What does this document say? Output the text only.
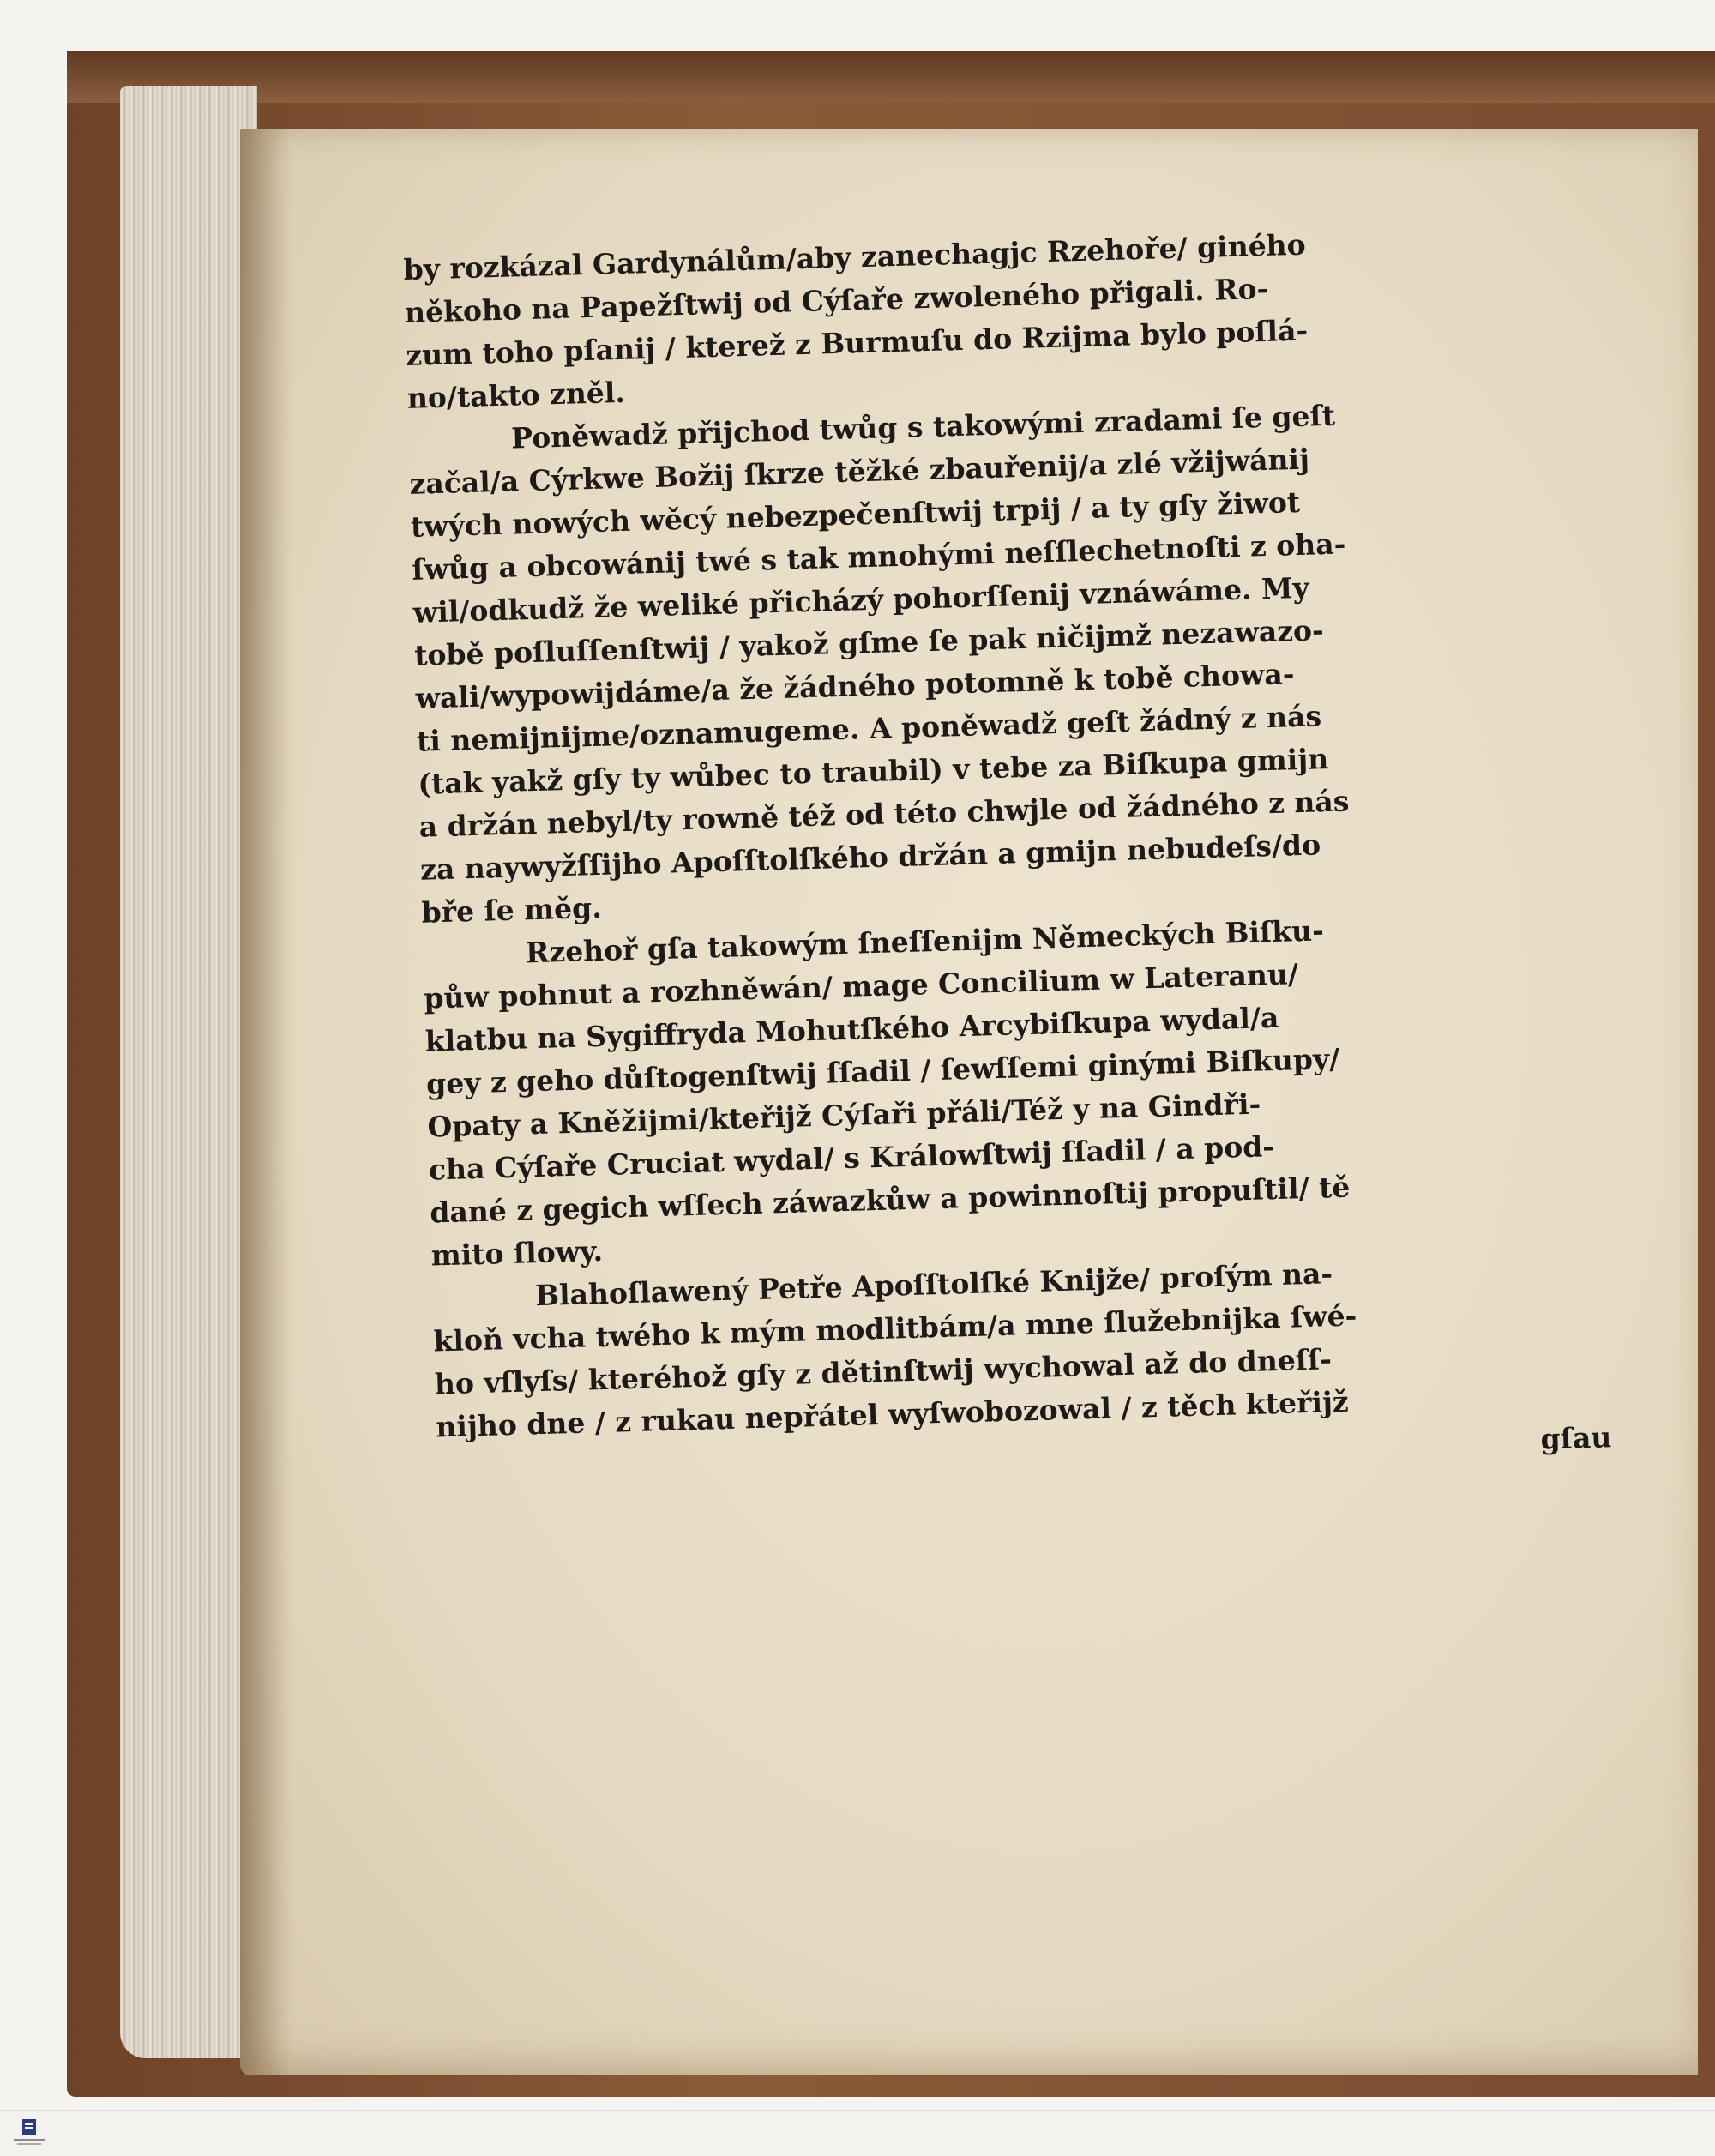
by rozkázal Gardynálům/aby zanechagjc Rzehoře/ giného
někoho na Papežſtwij od Cýſaře zwoleného přigali. Ro-
zum toho pſanij / kterež z Burmuſu do Rzijma bylo poſlá-
no/takto zněl.
Poněwadž přijchod twůg s takowými zradami ſe geſt
začal/a Cýrkwe Božij ſkrze těžké zbauřenij/a zlé vžijwánij
twých nowých wěcý nebezpečenſtwij trpij / a ty gſy žiwot
ſwůg a obcowánij twé s tak mnohými neſſlechetnoſti z oha-
wil/odkudž že weliké přicházý pohorſſenij vznáwáme. My
tobě poſluſſenſtwij / yakož gſme ſe pak ničijmž nezawazo-
wali/wypowijdáme/a že žádného potomně k tobě chowa-
ti nemijnijme/oznamugeme. A poněwadž geſt žádný z nás
(tak yakž gſy ty wůbec to traubil) v tebe za Biſkupa gmijn
a držán nebyl/ty rowně též od této chwjle od žádného z nás
za naywyžſſijho Apoſſtolſkého držán a gmijn nebudeſs/do
bře ſe měg.
Rzehoř gſa takowým ſneſſenijm Německých Biſku-
půw pohnut a rozhněwán/ mage Concilium w Lateranu/
klatbu na Sygiffryda Mohutſkého Arcybiſkupa wydal/a
gey z geho důſtogenſtwij ſſadil / ſewſſemi ginými Biſkupy/
Opaty a Kněžijmi/kteřijž Cýſaři přáli/Též y na Gindři-
cha Cýſaře Cruciat wydal/ s Králowſtwij ſſadil / a pod-
dané z gegich wſſech záwazkůw a powinnoſtij propuſtil/ tě
mito ſlowy.
Blahoſlawený Petře Apoſſtolſké Knijže/ proſým na-
kloň vcha twého k mým modlitbám/a mne ſlužebnijka ſwé-
ho vſlyſs/ kteréhož gſy z dětinſtwij wychowal až do dneſſ-
nijho dne / z rukau nepřátel wyſwobozowal / z těch kteřijž	gſau
